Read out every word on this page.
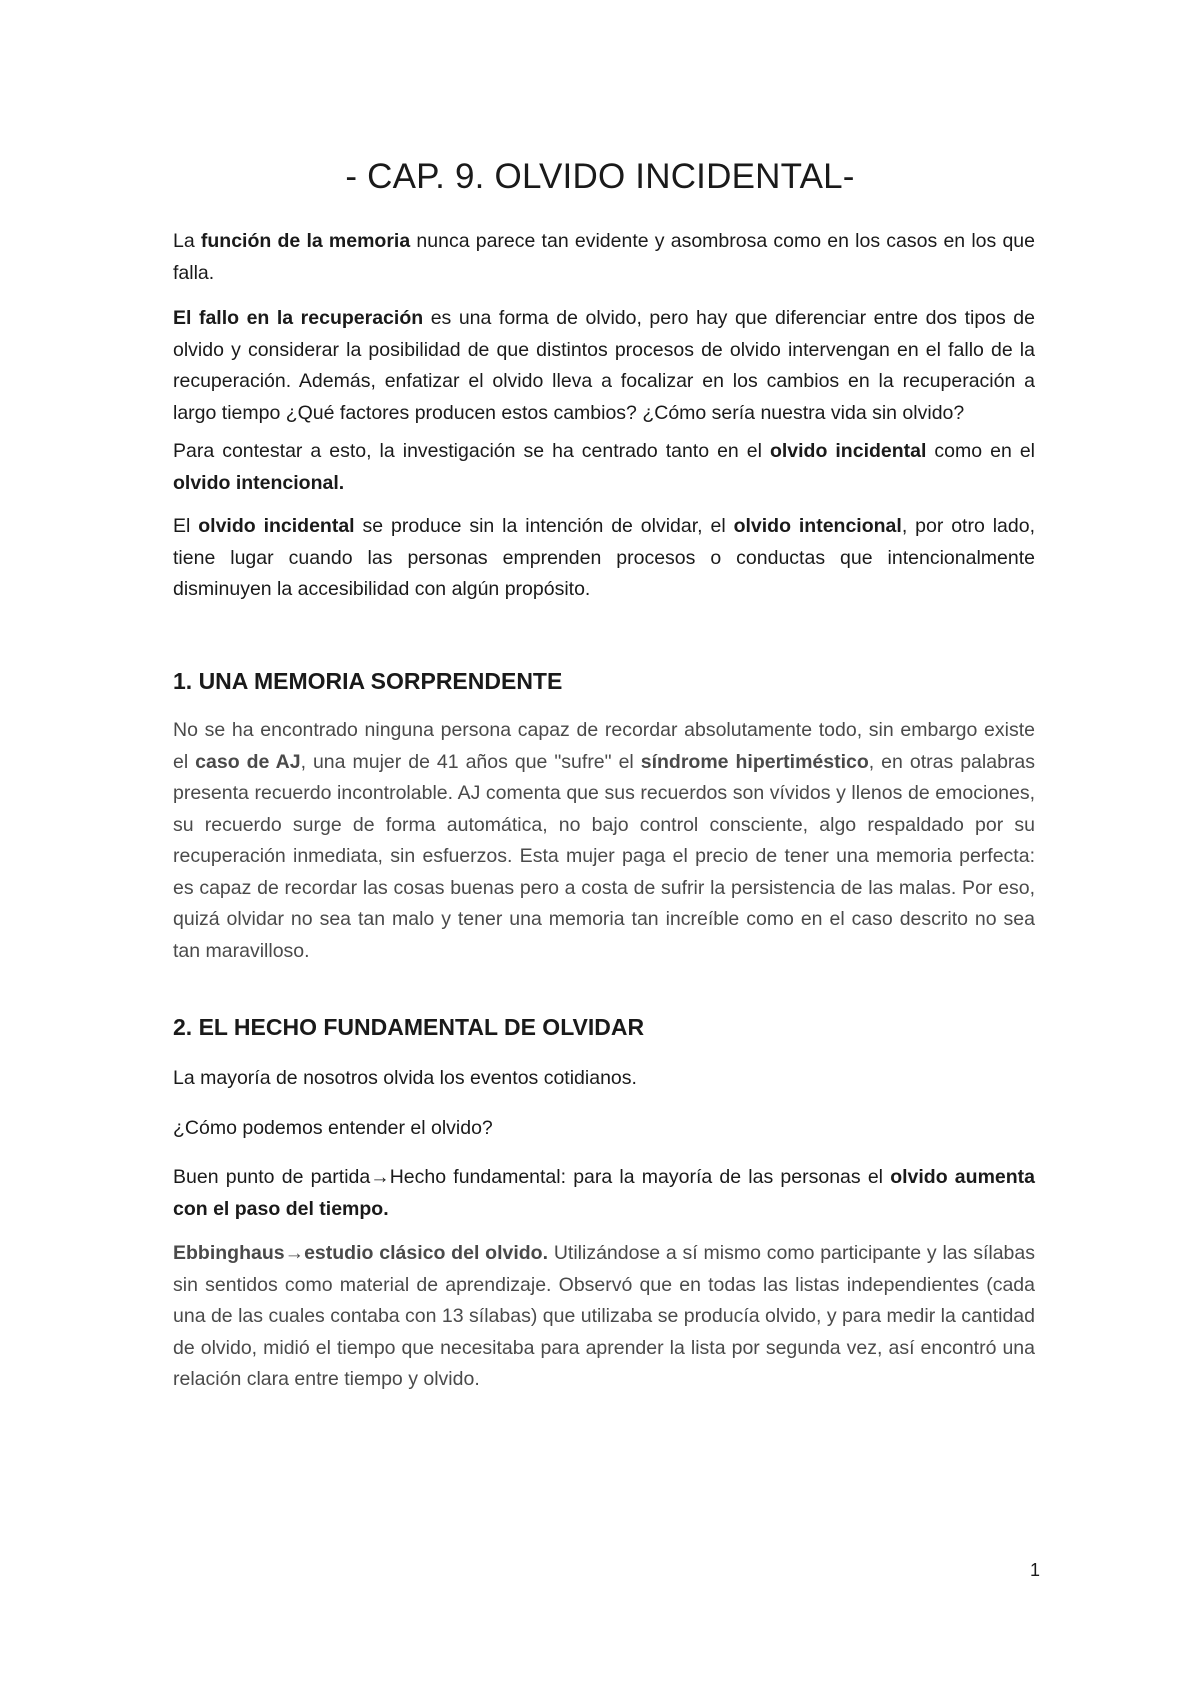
- CAP. 9. OLVIDO INCIDENTAL-

La función de la memoria nunca parece tan evidente y asombrosa como en los casos en los que falla.

El fallo en la recuperación es una forma de olvido, pero hay que diferenciar entre dos tipos de olvido y considerar la posibilidad de que distintos procesos de olvido intervengan en el fallo de la recuperación. Además, enfatizar el olvido lleva a focalizar en los cambios en la recuperación a largo tiempo ¿Qué factores producen estos cambios? ¿Cómo sería nuestra vida sin olvido?

Para contestar a esto, la investigación se ha centrado tanto en el olvido incidental como en el olvido intencional.

El olvido incidental se produce sin la intención de olvidar, el olvido intencional, por otro lado, tiene lugar cuando las personas emprenden procesos o conductas que intencionalmente disminuyen la accesibilidad con algún propósito.

1. UNA MEMORIA SORPRENDENTE

No se ha encontrado ninguna persona capaz de recordar absolutamente todo, sin embargo existe el caso de AJ, una mujer de 41 años que "sufre" el síndrome hipertiméstico, en otras palabras presenta recuerdo incontrolable. AJ comenta que sus recuerdos son vívidos y llenos de emociones, su recuerdo surge de forma automática, no bajo control consciente, algo respaldado por su recuperación inmediata, sin esfuerzos. Esta mujer paga el precio de tener una memoria perfecta: es capaz de recordar las cosas buenas pero a costa de sufrir la persistencia de las malas. Por eso, quizá olvidar no sea tan malo y tener una memoria tan increíble como en el caso descrito no sea tan maravilloso.

2. EL HECHO FUNDAMENTAL DE OLVIDAR

La mayoría de nosotros olvida los eventos cotidianos.

¿Cómo podemos entender el olvido?

Buen punto de partida→Hecho fundamental: para la mayoría de las personas el olvido aumenta con el paso del tiempo.

Ebbinghaus→estudio clásico del olvido. Utilizándose a sí mismo como participante y las sílabas sin sentidos como material de aprendizaje. Observó que en todas las listas independientes (cada una de las cuales contaba con 13 sílabas) que utilizaba se producía olvido, y para medir la cantidad de olvido, midió el tiempo que necesitaba para aprender la lista por segunda vez, así encontró una relación clara entre tiempo y olvido.

1
